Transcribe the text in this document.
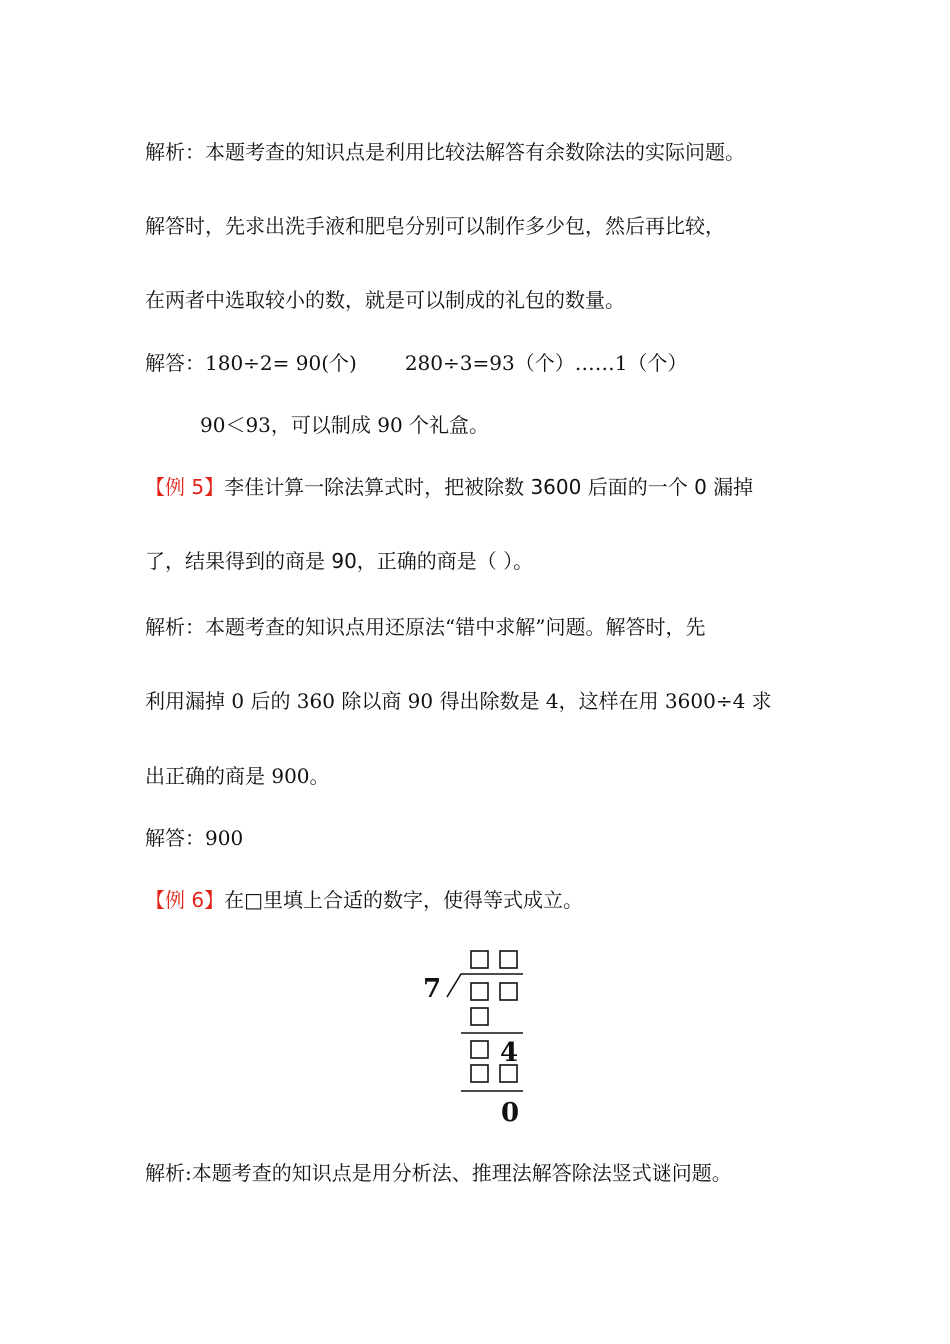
解析：本题考查的知识点是利用比较法解答有余数除法的实际问题。
解答时，先求出洗手液和肥皂分别可以制作多少包，然后再比较，
在两者中选取较小的数，就是可以制成的礼包的数量。
解答：180÷2= 90(个) 280÷3=93（个）……1（个）
90＜93，可以制成 90 个礼盒。
【例 5】李佳计算一除法算式时，把被除数 3600 后面的一个 0 漏掉
了，结果得到的商是 90，正确的商是（ ）。
解析：本题考查的知识点用还原法“错中求解”问题。解答时，先
利用漏掉 0 后的 360 除以商 90 得出除数是 4，这样在用 3600÷4 求
出正确的商是 900。
解答：900
【例 6】在□里填上合适的数字，使得等式成立。
7
4
0
解析:本题考查的知识点是用分析法、推理法解答除法竖式谜问题。
